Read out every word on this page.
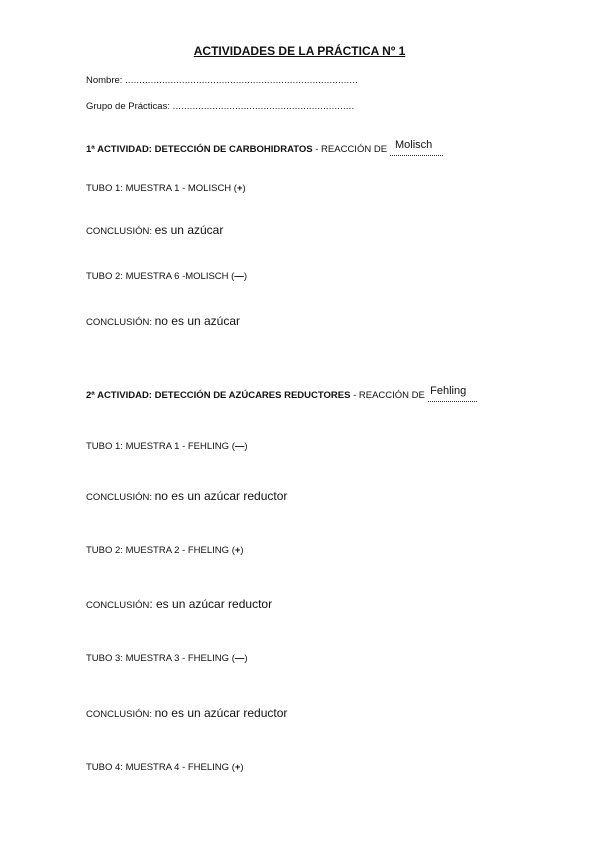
ACTIVIDADES DE LA PRÁCTICA Nº 1
Nombre: ..................................................................................
Grupo de Prácticas: ................................................................
1ª ACTIVIDAD: DETECCIÓN DE CARBOHIDRATOS - REACCIÓN DE Molisch
TUBO 1: MUESTRA 1 - MOLISCH (+)
CONCLUSIÓN: es un azúcar
TUBO 2: MUESTRA 6 -MOLISCH (—)
CONCLUSIÓN: no es un azúcar
2ª ACTIVIDAD: DETECCIÓN DE AZÚCARES REDUCTORES - REACCIÓN DE Fehling
TUBO 1: MUESTRA 1 - FEHLING (—)
CONCLUSIÓN: no es un azúcar reductor
TUBO 2: MUESTRA 2 - FHELING (+)
CONCLUSIÓN: es un azúcar reductor
TUBO 3: MUESTRA 3 - FHELING (—)
CONCLUSIÓN: no es un azúcar reductor
TUBO 4: MUESTRA 4 - FHELING (+)
